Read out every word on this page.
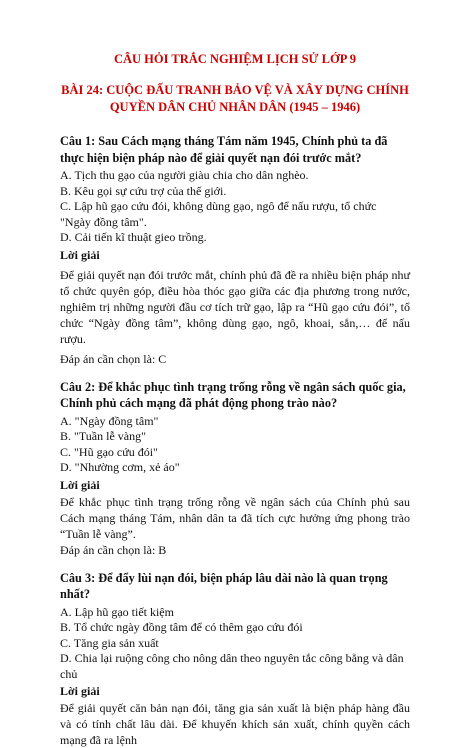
CÂU HỎI TRẮC NGHIỆM LỊCH SỬ LỚP 9
BÀI 24: CUỘC ĐẤU TRANH BẢO VỆ VÀ XÂY DỰNG CHÍNH QUYỀN DÂN CHỦ NHÂN DÂN (1945 – 1946)
Câu 1: Sau Cách mạng tháng Tám năm 1945, Chính phủ ta đã thực hiện biện pháp nào để giải quyết nạn đói trước mắt?
A. Tịch thu gạo của người giàu chia cho dân nghèo.
B. Kêu gọi sự cứu trợ của thế giới.
C. Lập hũ gạo cứu đói, không dùng gạo, ngô để nấu rượu, tổ chức "Ngày đồng tâm".
D. Cải tiến kĩ thuật gieo trồng.
Lời giải
Để giải quyết nạn đói trước mắt, chính phủ đã đề ra nhiều biện pháp như tổ chức quyên góp, điều hòa thóc gạo giữa các địa phương trong nước, nghiêm trị những người đầu cơ tích trữ gạo, lập ra “Hũ gạo cứu đói”, tổ chức “Ngày đồng tâm”, không dùng gạo, ngô, khoai, sắn,… để nấu rượu.
Đáp án cần chọn là: C
Câu 2: Để khắc phục tình trạng trống rỗng về ngân sách quốc gia, Chính phủ cách mạng đã phát động phong trào nào?
A. "Ngày đồng tâm"
B. "Tuần lễ vàng"
C. "Hũ gạo cứu đói"
D. "Nhường cơm, xẻ áo"
Lời giải
Để khắc phục tình trạng trống rỗng về ngân sách của Chính phủ sau Cách mạng tháng Tám, nhân dân ta đã tích cực hưởng ứng phong trào “Tuần lễ vàng”.
Đáp án cần chọn là: B
Câu 3: Để đẩy lùi nạn đói, biện pháp lâu dài nào là quan trọng nhất?
A. Lập hũ gạo tiết kiệm
B. Tổ chức ngày đồng tâm để có thêm gạo cứu đói
C. Tăng gia sản xuất
D. Chia lại ruộng công cho nông dân theo nguyên tắc công bằng và dân chủ
Lời giải
Để giải quyết căn bản nạn đói, tăng gia sản xuất là biện pháp hàng đầu và có tính chất lâu dài. Để khuyến khích sản xuất, chính quyền cách mạng đã ra lệnh
